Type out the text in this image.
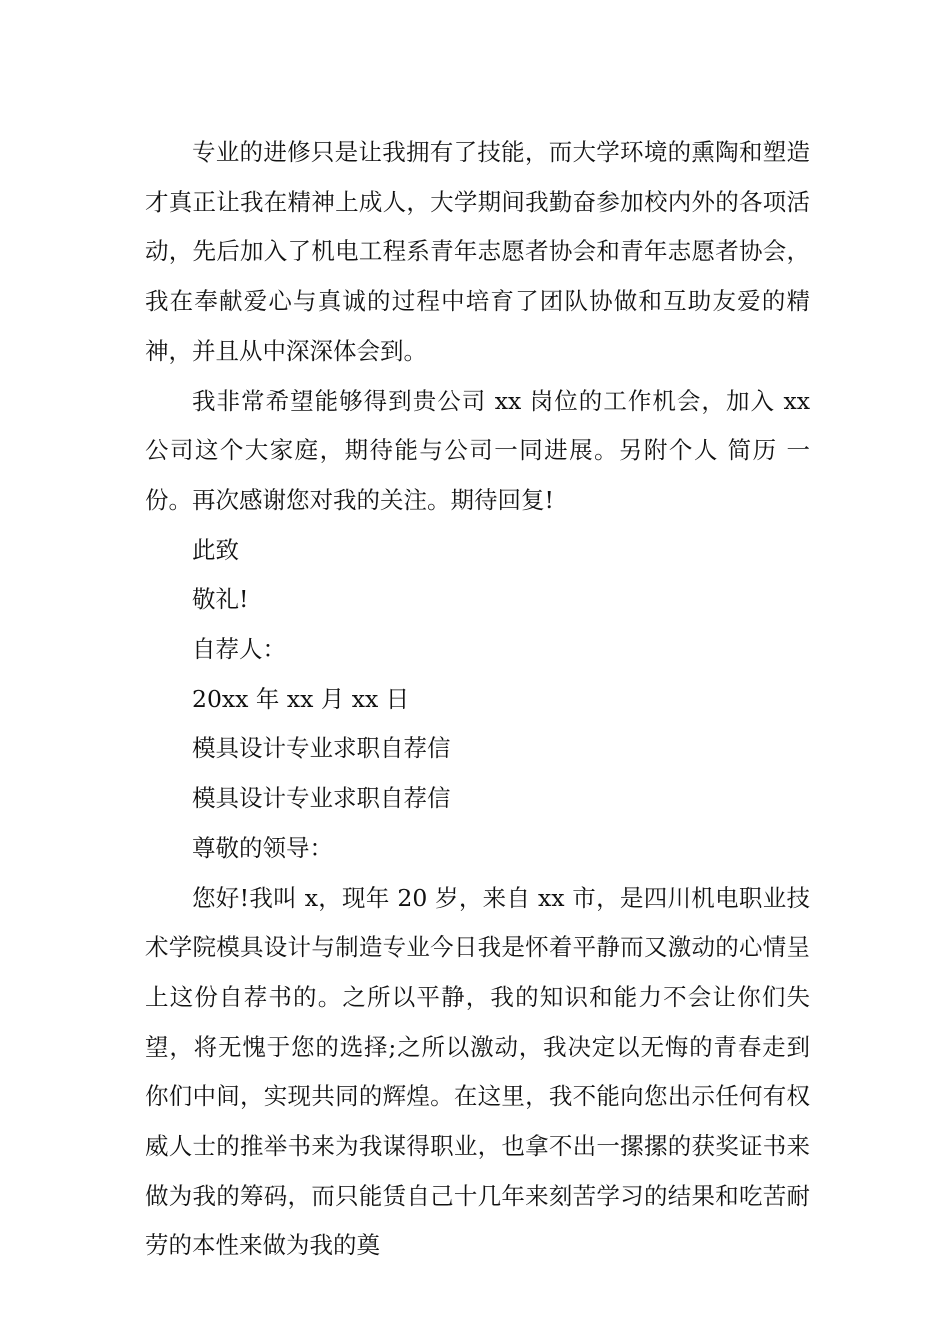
专业的进修只是让我拥有了技能，而大学环境的熏陶和塑造才真正让我在精神上成人，大学期间我勤奋参加校内外的各项活动，先后加入了机电工程系青年志愿者协会和青年志愿者协会，我在奉献爱心与真诚的过程中培育了团队协做和互助友爱的精神，并且从中深深体会到。

我非常希望能够得到贵公司 xx 岗位的工作机会，加入 xx 公司这个大家庭，期待能与公司一同进展。另附个人 简历 一份。再次感谢您对我的关注。期待回复!

此致

敬礼!

自荐人：

20xx 年 xx 月 xx 日

模具设计专业求职自荐信

模具设计专业求职自荐信

尊敬的领导：

您好!我叫 x，现年 20 岁，来自 xx 市，是四川机电职业技术学院模具设计与制造专业今日我是怀着平静而又激动的心情呈上这份自荐书的。之所以平静，我的知识和能力不会让你们失望，将无愧于您的选择;之所以激动，我决定以无悔的青春走到你们中间，实现共同的辉煌。在这里，我不能向您出示任何有权威人士的推举书来为我谋得职业，也拿不出一摞摞的获奖证书来做为我的筹码，而只能赁自己十几年来刻苦学习的结果和吃苦耐劳的本性来做为我的奠
